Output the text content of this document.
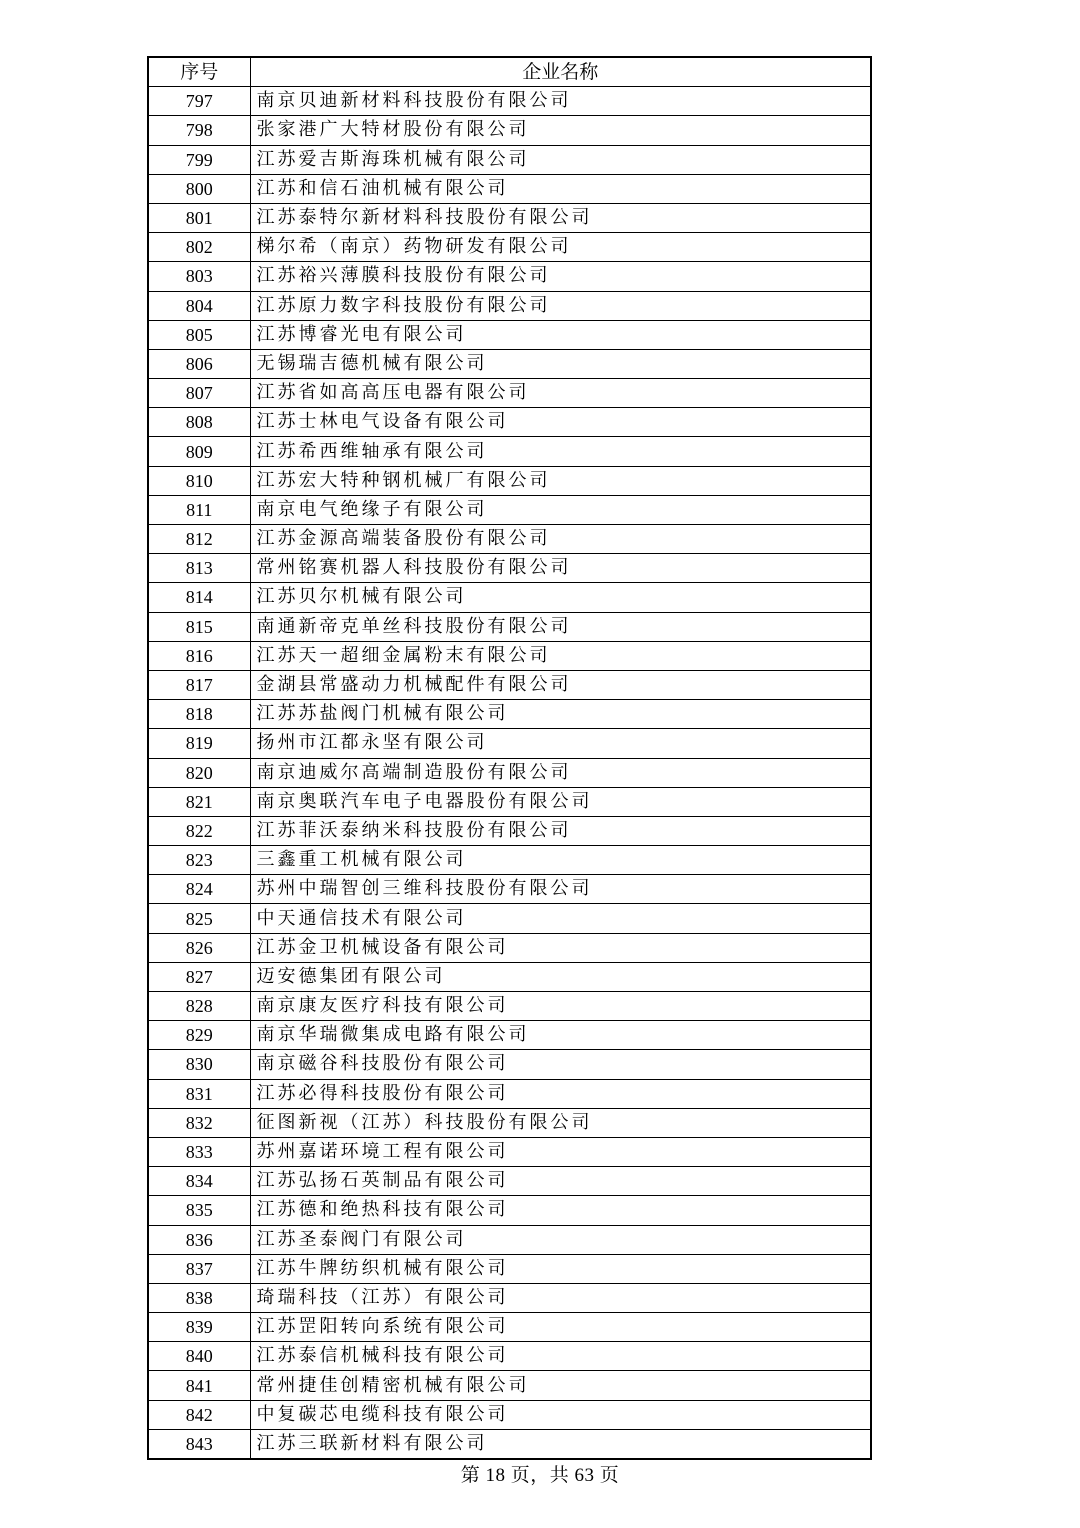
序号	企业名称
797	南京贝迪新材料科技股份有限公司
798	张家港广大特材股份有限公司
799	江苏爱吉斯海珠机械有限公司
800	江苏和信石油机械有限公司
801	江苏泰特尔新材料科技股份有限公司
802	梯尔希（南京）药物研发有限公司
803	江苏裕兴薄膜科技股份有限公司
804	江苏原力数字科技股份有限公司
805	江苏博睿光电有限公司
806	无锡瑞吉德机械有限公司
807	江苏省如高高压电器有限公司
808	江苏士林电气设备有限公司
809	江苏希西维轴承有限公司
810	江苏宏大特种钢机械厂有限公司
811	南京电气绝缘子有限公司
812	江苏金源高端装备股份有限公司
813	常州铭赛机器人科技股份有限公司
814	江苏贝尔机械有限公司
815	南通新帝克单丝科技股份有限公司
816	江苏天一超细金属粉末有限公司
817	金湖县常盛动力机械配件有限公司
818	江苏苏盐阀门机械有限公司
819	扬州市江都永坚有限公司
820	南京迪威尔高端制造股份有限公司
821	南京奥联汽车电子电器股份有限公司
822	江苏菲沃泰纳米科技股份有限公司
823	三鑫重工机械有限公司
824	苏州中瑞智创三维科技股份有限公司
825	中天通信技术有限公司
826	江苏金卫机械设备有限公司
827	迈安德集团有限公司
828	南京康友医疗科技有限公司
829	南京华瑞微集成电路有限公司
830	南京磁谷科技股份有限公司
831	江苏必得科技股份有限公司
832	征图新视（江苏）科技股份有限公司
833	苏州嘉诺环境工程有限公司
834	江苏弘扬石英制品有限公司
835	江苏德和绝热科技有限公司
836	江苏圣泰阀门有限公司
837	江苏牛牌纺织机械有限公司
838	琦瑞科技（江苏）有限公司
839	江苏罡阳转向系统有限公司
840	江苏泰信机械科技有限公司
841	常州捷佳创精密机械有限公司
842	中复碳芯电缆科技有限公司
843	江苏三联新材料有限公司
第 18 页，共 63 页
